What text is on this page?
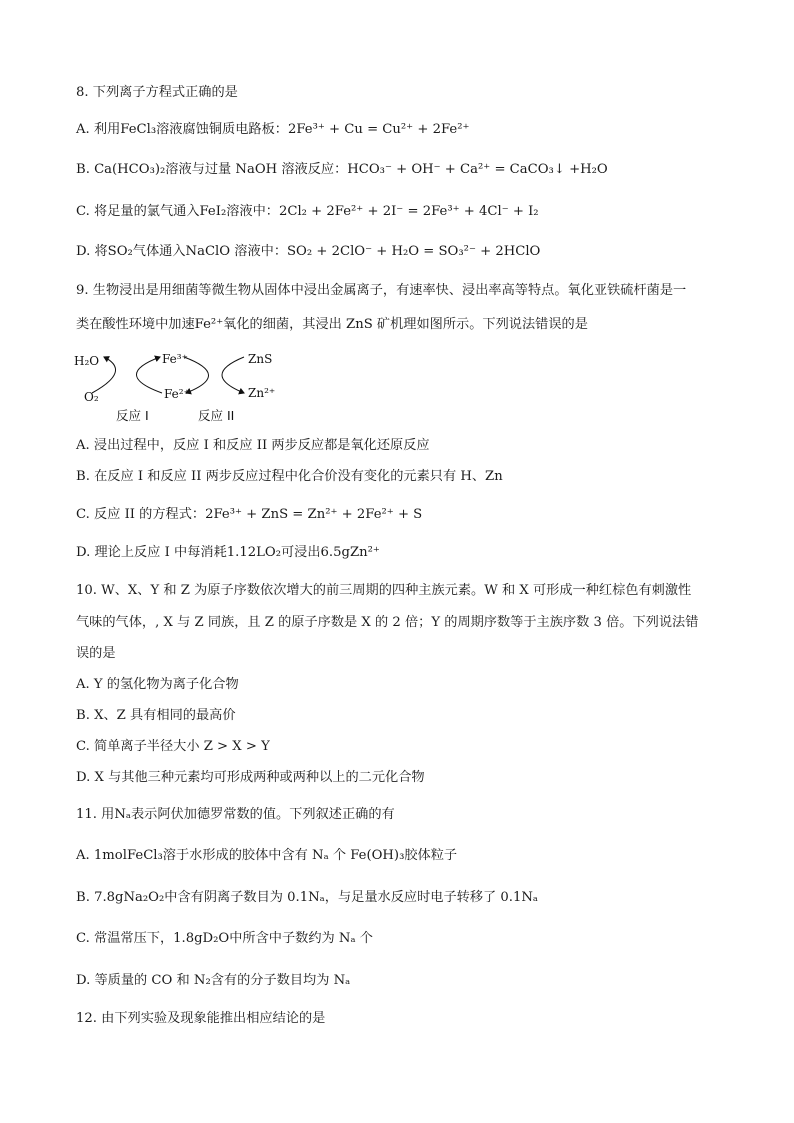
8. 下列离子方程式正确的是
A. 利用FeCl₃溶液腐蚀铜质电路板：2Fe³⁺ + Cu = Cu²⁺ + 2Fe²⁺
B. Ca(HCO₃)₂溶液与过量 NaOH 溶液反应：HCO₃⁻ + OH⁻ + Ca²⁺ = CaCO₃↓ +H₂O
C. 将足量的氯气通入FeI₂溶液中：2Cl₂ + 2Fe²⁺ + 2I⁻ = 2Fe³⁺ + 4Cl⁻ + I₂
D. 将SO₂气体通入NaClO 溶液中：SO₂ + 2ClO⁻ + H₂O = SO₃²⁻ + 2HClO
9. 生物浸出是用细菌等微生物从固体中浸出金属离子，有速率快、浸出率高等特点。氧化亚铁硫杆菌是一
类在酸性环境中加速Fe²⁺氧化的细菌，其浸出 ZnS 矿机理如图所示。下列说法错误的是
H₂O
O₂
Fe³⁺
Fe²⁺
ZnS
Zn²⁺
反应 I	反应 II
A. 浸出过程中，反应 I 和反应 II 两步反应都是氧化还原反应
B. 在反应 I 和反应 II 两步反应过程中化合价没有变化的元素只有 H、Zn
C. 反应 II 的方程式：2Fe³⁺ + ZnS = Zn²⁺ + 2Fe²⁺ + S
D. 理论上反应 I 中每消耗1.12LO₂可浸出6.5gZn²⁺
10. W、X、Y 和 Z 为原子序数依次增大的前三周期的四种主族元素。W 和 X 可形成一种红棕色有刺激性
气味的气体，, X 与 Z 同族，且 Z 的原子序数是 X 的 2 倍；Y 的周期序数等于主族序数 3 倍。下列说法错
误的是
A. Y 的氢化物为离子化合物
B. X、Z 具有相同的最高价
C. 简单离子半径大小 Z > X > Y
D. X 与其他三种元素均可形成两种或两种以上的二元化合物
11. 用Nₐ表示阿伏加德罗常数的值。下列叙述正确的有
A. 1molFeCl₃溶于水形成的胶体中含有 Nₐ 个 Fe(OH)₃胶体粒子
B. 7.8gNa₂O₂中含有阴离子数目为 0.1Nₐ，与足量水反应时电子转移了 0.1Nₐ
C. 常温常压下，1.8gD₂O中所含中子数约为 Nₐ 个
D. 等质量的 CO 和 N₂含有的分子数目均为 Nₐ
12. 由下列实验及现象能推出相应结论的是
